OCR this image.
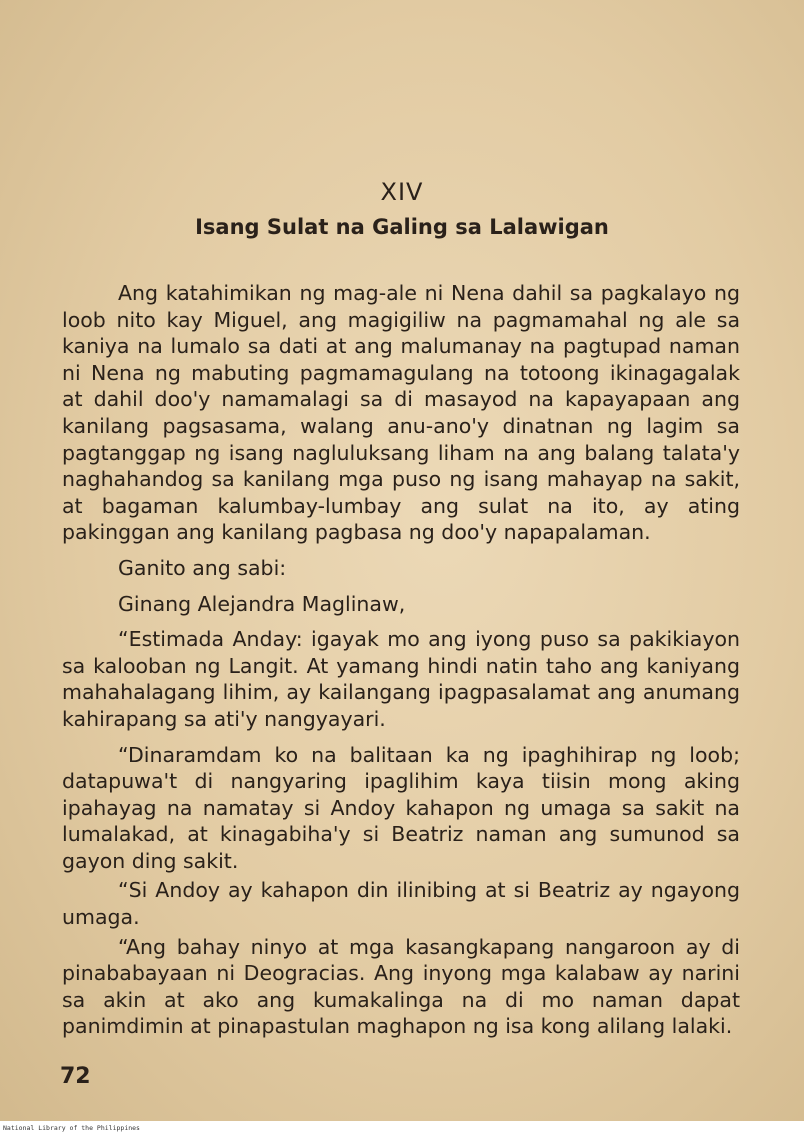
XIV
Isang Sulat na Galing sa Lalawigan

Ang katahimikan ng mag-ale ni Nena dahil sa pagkalayo ng loob nito kay Miguel, ang magigiliw na pagmamahal ng ale sa kaniya na lumalo sa dati at ang malumanay na pagtupad naman ni Nena ng mabuting pagmamagulang na totoong ikinagagalak at dahil doo'y namamalagi sa di masayod na kapayapaan ang kanilang pagsasama, walang anu-ano'y dinatnan ng lagim sa pagtanggap ng isang nagluluksang liham na ang balang talata'y naghahandog sa kanilang mga puso ng isang mahayap na sakit, at bagaman kalumbay-lumbay ang sulat na ito, ay ating pakinggan ang kanilang pagbasa ng doo'y napapalaman.

Ganito ang sabi:

Ginang Alejandra Maglinaw,

“Estimada Anday: igayak mo ang iyong puso sa pakikiayon sa kalooban ng Langit. At yamang hindi natin taho ang kaniyang mahahalagang lihim, ay kailangang ipagpasalamat ang anumang kahirapang sa ati'y nangyayari.

“Dinaramdam ko na balitaan ka ng ipaghihirap ng loob; datapuwa't di nangyaring ipaglihim kaya tiisin mong aking ipahayag na namatay si Andoy kahapon ng umaga sa sakit na lumalakad, at kinagabiha'y si Beatriz naman ang sumunod sa gayon ding sakit.

“Si Andoy ay kahapon din ilinibing at si Beatriz ay ngayong umaga.

“Ang bahay ninyo at mga kasangkapang nangaroon ay di pinababayaan ni Deogracias. Ang inyong mga kalabaw ay narini sa akin at ako ang kumakalinga na di mo naman dapat panimdimin at pinapastulan maghapon ng isa kong alilang lalaki.

72
National Library of the Philippines
